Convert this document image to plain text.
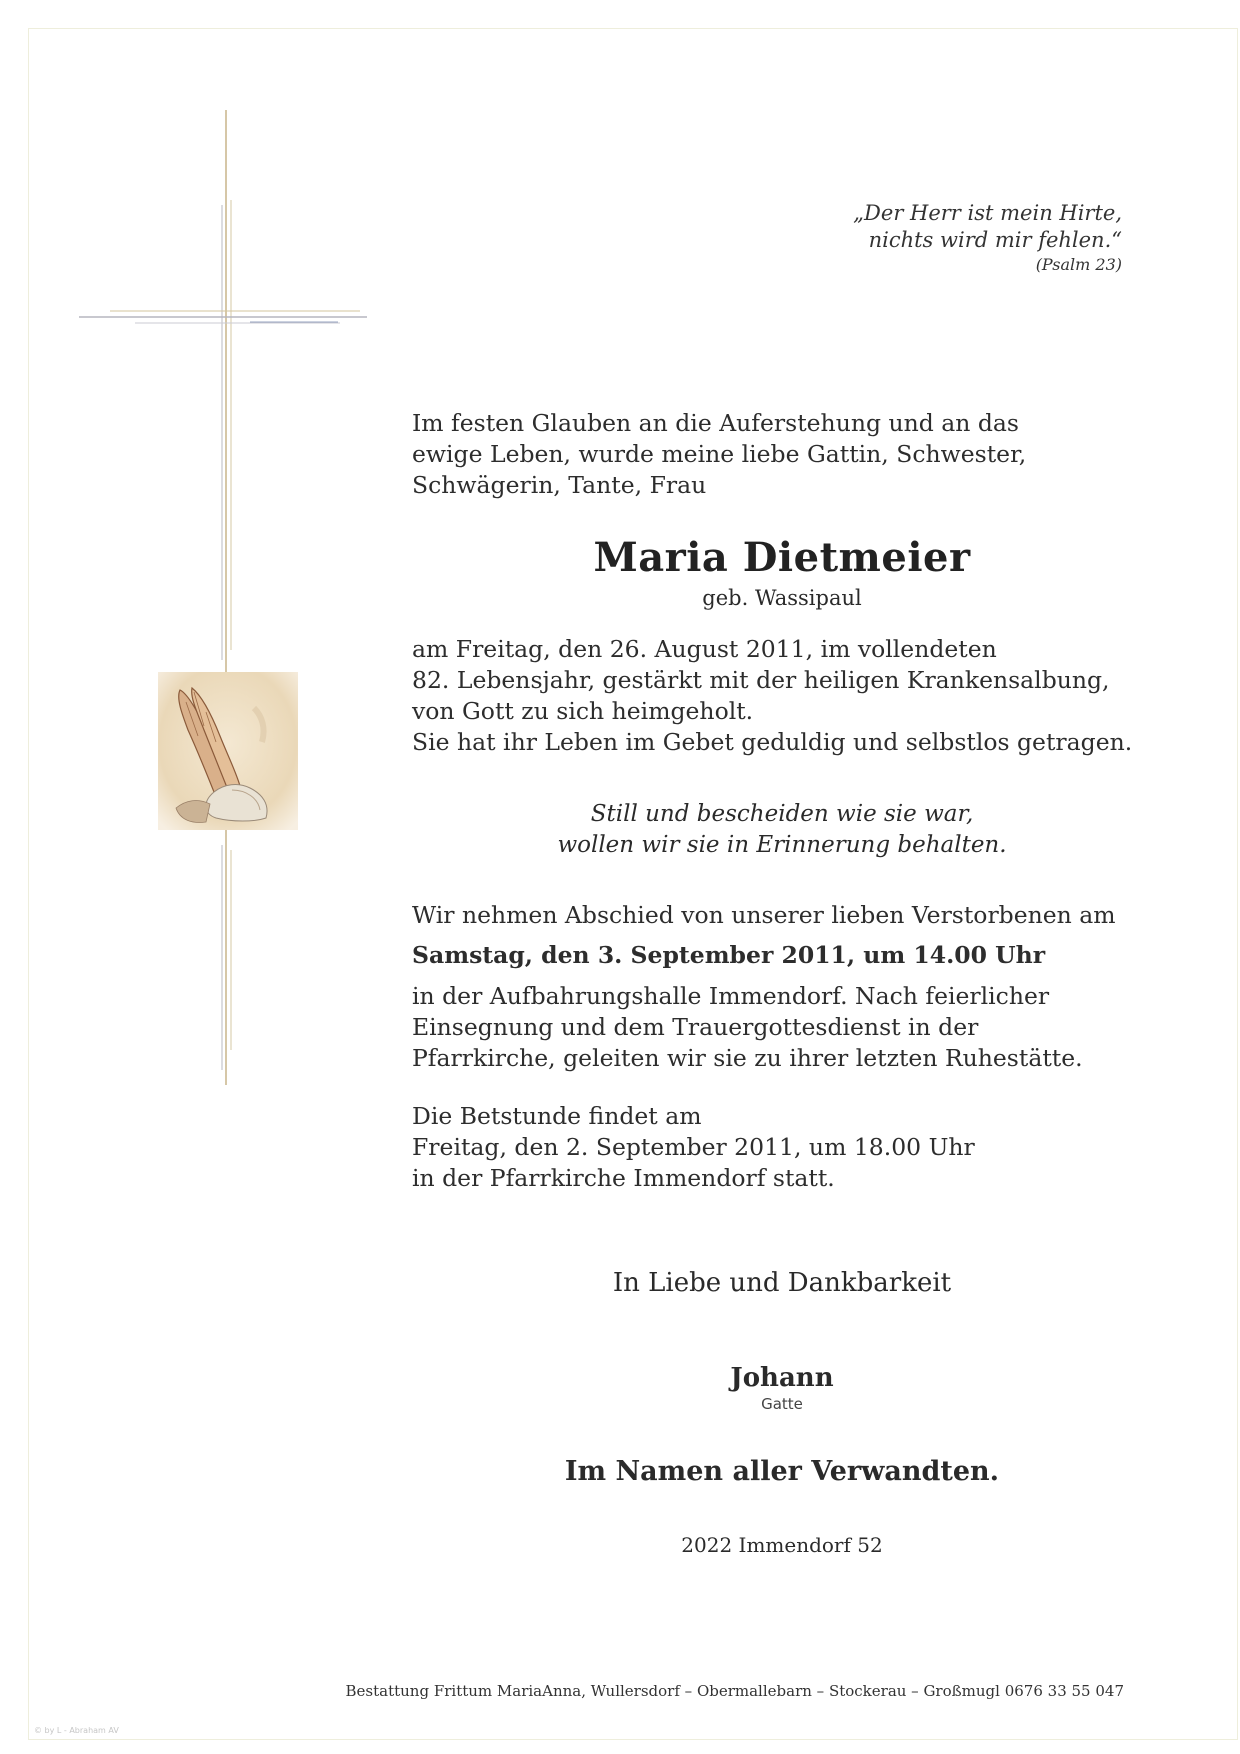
„Der Herr ist mein Hirte,
nichts wird mir fehlen.“
(Psalm 23)
Im festen Glauben an die Auferstehung und an das
ewige Leben, wurde meine liebe Gattin, Schwester,
Schwägerin, Tante, Frau
Maria Dietmeier
geb. Wassipaul
am Freitag, den 26. August 2011, im vollendeten
82. Lebensjahr, gestärkt mit der heiligen Krankensalbung,
von Gott zu sich heimgeholt.
Sie hat ihr Leben im Gebet geduldig und selbstlos getragen.
Still und bescheiden wie sie war,
wollen wir sie in Erinnerung behalten.
Wir nehmen Abschied von unserer lieben Verstorbenen am
Samstag, den 3. September 2011, um 14.00 Uhr
in der Aufbahrungshalle Immendorf. Nach feierlicher
Einsegnung und dem Trauergottesdienst in der
Pfarrkirche, geleiten wir sie zu ihrer letzten Ruhestätte.
Die Betstunde findet am
Freitag, den 2. September 2011, um 18.00 Uhr
in der Pfarrkirche Immendorf statt.
In Liebe und Dankbarkeit
Johann
Gatte
Im Namen aller Verwandten.
2022 Immendorf 52
Bestattung Frittum MariaAnna, Wullersdorf – Obermallebarn – Stockerau – Großmugl 0676 33 55 047
© by L - Abraham AV
